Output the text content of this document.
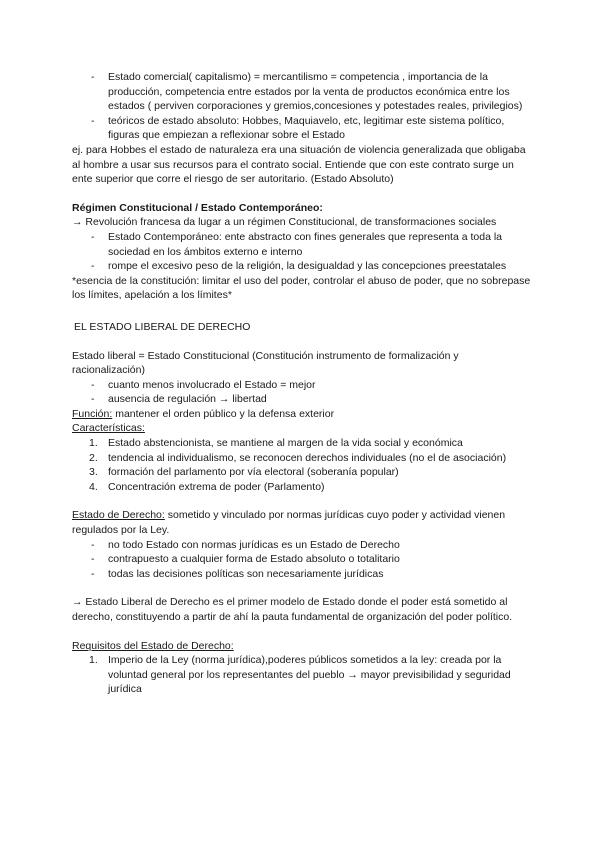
- Estado comercial( capitalismo) = mercantilismo = competencia , importancia de la producción, competencia entre estados por la venta de productos económica entre los estados ( perviven corporaciones y gremios,concesiones y potestades reales, privilegios)
- teóricos de estado absoluto: Hobbes, Maquiavelo, etc, legitimar este sistema político, figuras que empiezan a reflexionar sobre el Estado

ej. para Hobbes el estado de naturaleza era una situación de violencia generalizada que obligaba al hombre a usar sus recursos para el contrato social. Entiende que con este contrato surge un ente superior que corre el riesgo de ser autoritario. (Estado Absoluto)

Régimen Constitucional / Estado Contemporáneo:

→ Revolución francesa da lugar a un régimen Constitucional, de transformaciones sociales

- Estado Contemporáneo: ente abstracto con fines generales que representa a toda la sociedad en los ámbitos externo e interno
- rompe el excesivo peso de la religión, la desigualdad y las concepciones preestatales

*esencia de la constitución: limitar el uso del poder, controlar el abuso de poder, que no sobrepase los límites, apelación a los límites*

EL ESTADO LIBERAL DE DERECHO

Estado liberal = Estado Constitucional (Constitución instrumento de formalización y racionalización)

- cuanto menos involucrado el Estado = mejor
- ausencia de regulación → libertad

Función: mantener el orden público y la defensa exterior

Características:

1. Estado abstencionista, se mantiene al margen de la vida social y económica
2. tendencia al individualismo, se reconocen derechos individuales (no el de asociación)
3. formación del parlamento por vía electoral (soberanía popular)
4. Concentración extrema de poder (Parlamento)

Estado de Derecho: sometido y vinculado por normas jurídicas cuyo poder y actividad vienen regulados por la Ley.

- no todo Estado con normas jurídicas es un Estado de Derecho
- contrapuesto a cualquier forma de Estado absoluto o totalitario
- todas las decisiones políticas son necesariamente jurídicas

→ Estado Liberal de Derecho es el primer modelo de Estado donde el poder está sometido al derecho, constituyendo a partir de ahí la pauta fundamental de organización del poder político.

Requisitos del Estado de Derecho:

1. Imperio de la Ley (norma jurídica),poderes públicos sometidos a la ley: creada por la voluntad general por los representantes del pueblo → mayor previsibilidad y seguridad jurídica
